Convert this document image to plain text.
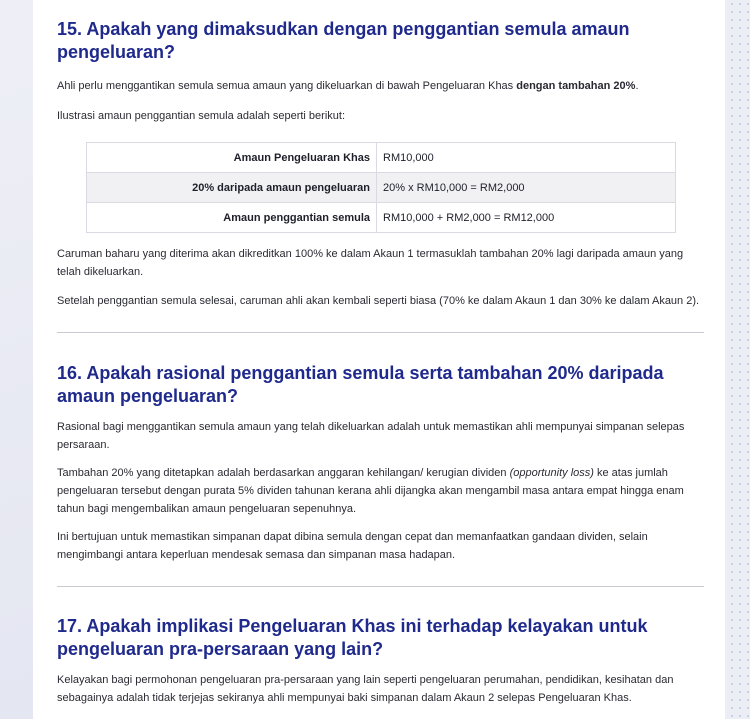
15. Apakah yang dimaksudkan dengan penggantian semula amaun pengeluaran?

Ahli perlu menggantikan semula semua amaun yang dikeluarkan di bawah Pengeluaran Khas dengan tambahan 20%.

Ilustrasi amaun penggantian semula adalah seperti berikut:

Amaun Pengeluaran Khas	RM10,000
20% daripada amaun pengeluaran	20% x RM10,000 = RM2,000
Amaun penggantian semula	RM10,000 + RM2,000 = RM12,000

Caruman baharu yang diterima akan dikreditkan 100% ke dalam Akaun 1 termasuklah tambahan 20% lagi daripada amaun yang telah dikeluarkan.

Setelah penggantian semula selesai, caruman ahli akan kembali seperti biasa (70% ke dalam Akaun 1 dan 30% ke dalam Akaun 2).

16. Apakah rasional penggantian semula serta tambahan 20% daripada amaun pengeluaran?

Rasional bagi menggantikan semula amaun yang telah dikeluarkan adalah untuk memastikan ahli mempunyai simpanan selepas persaraan.

Tambahan 20% yang ditetapkan adalah berdasarkan anggaran kehilangan/ kerugian dividen (opportunity loss) ke atas jumlah pengeluaran tersebut dengan purata 5% dividen tahunan kerana ahli dijangka akan mengambil masa antara empat hingga enam tahun bagi mengembalikan amaun pengeluaran sepenuhnya.

Ini bertujuan untuk memastikan simpanan dapat dibina semula dengan cepat dan memanfaatkan gandaan dividen, selain mengimbangi antara keperluan mendesak semasa dan simpanan masa hadapan.

17. Apakah implikasi Pengeluaran Khas ini terhadap kelayakan untuk pengeluaran pra-persaraan yang lain?

Kelayakan bagi permohonan pengeluaran pra-persaraan yang lain seperti pengeluaran perumahan, pendidikan, kesihatan dan sebagainya adalah tidak terjejas sekiranya ahli mempunyai baki simpanan dalam Akaun 2 selepas Pengeluaran Khas.
